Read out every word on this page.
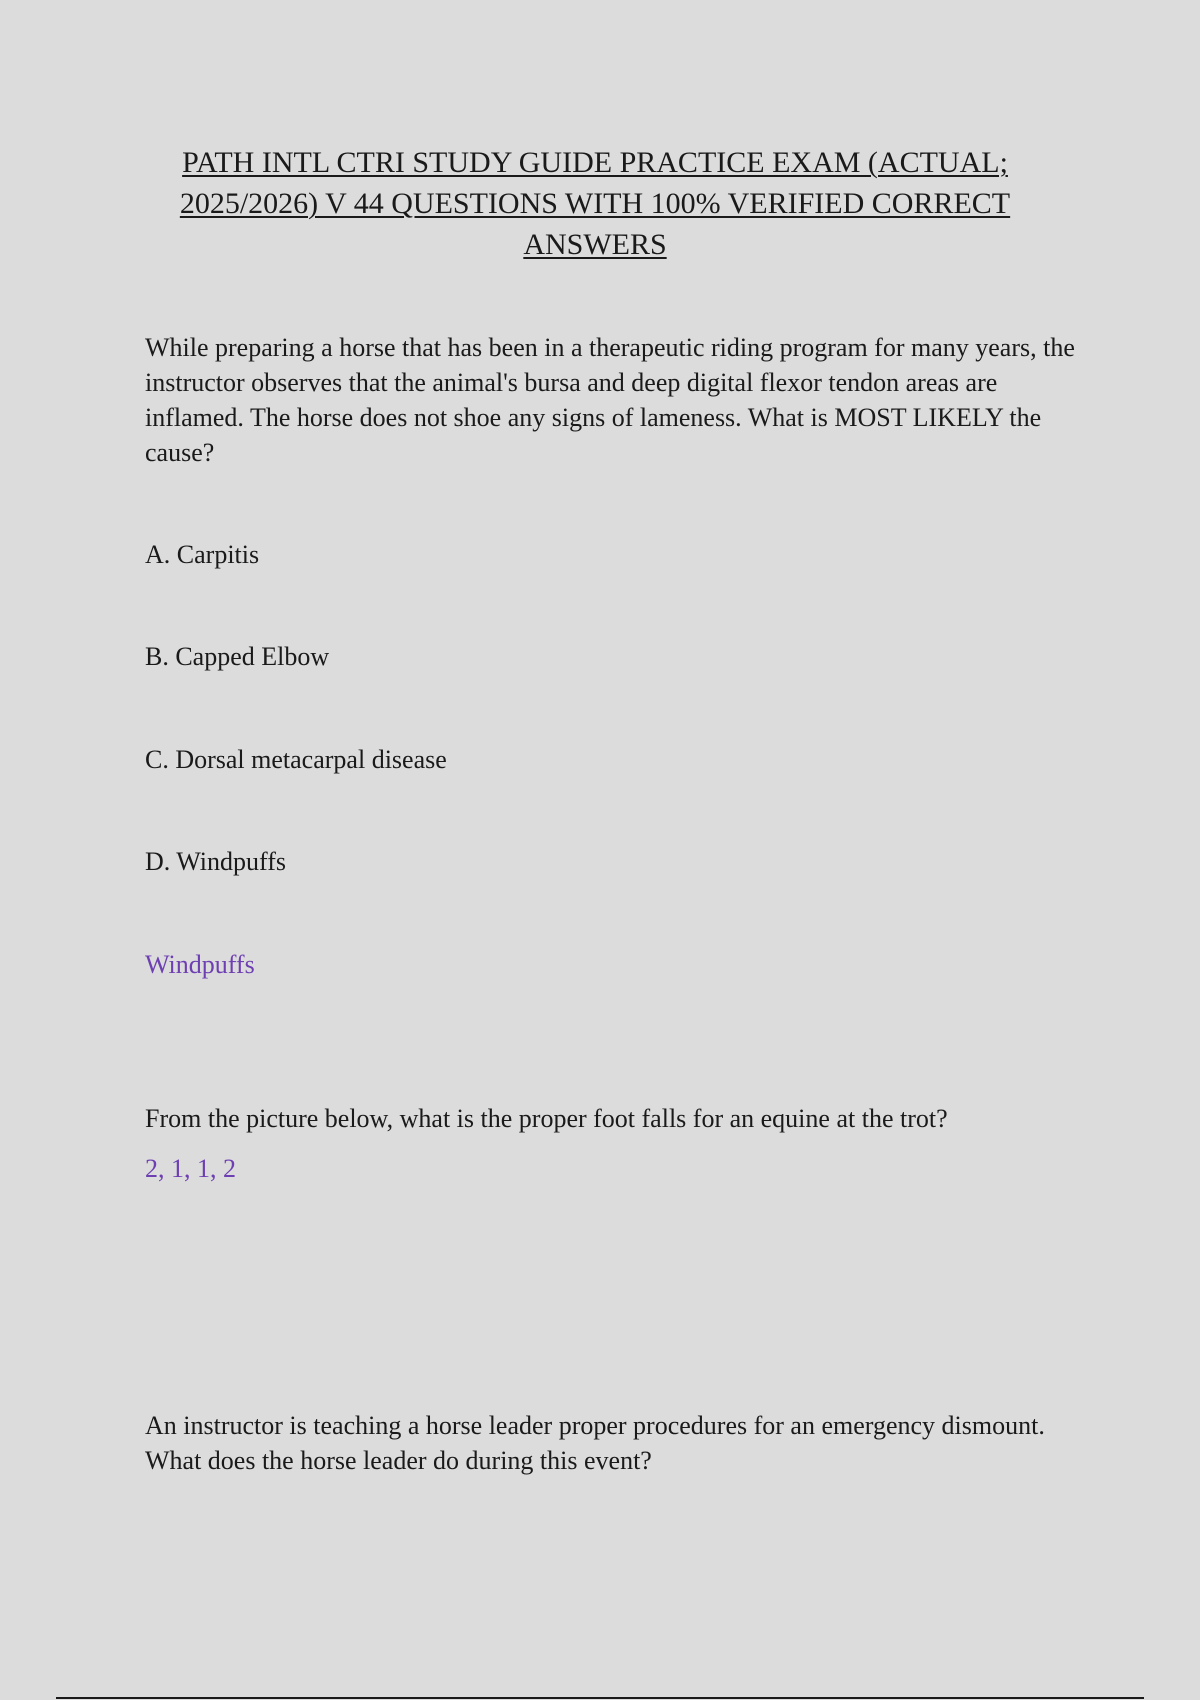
PATH INTL CTRI STUDY GUIDE PRACTICE EXAM (ACTUAL; 2025/2026) V 44 QUESTIONS WITH 100% VERIFIED CORRECT ANSWERS

While preparing a horse that has been in a therapeutic riding program for many years, the instructor observes that the animal's bursa and deep digital flexor tendon areas are inflamed. The horse does not shoe any signs of lameness. What is MOST LIKELY the cause?

A. Carpitis

B. Capped Elbow

C. Dorsal metacarpal disease

D. Windpuffs

Windpuffs

From the picture below, what is the proper foot falls for an equine at the trot?

2, 1, 1, 2

An instructor is teaching a horse leader proper procedures for an emergency dismount. What does the horse leader do during this event?
